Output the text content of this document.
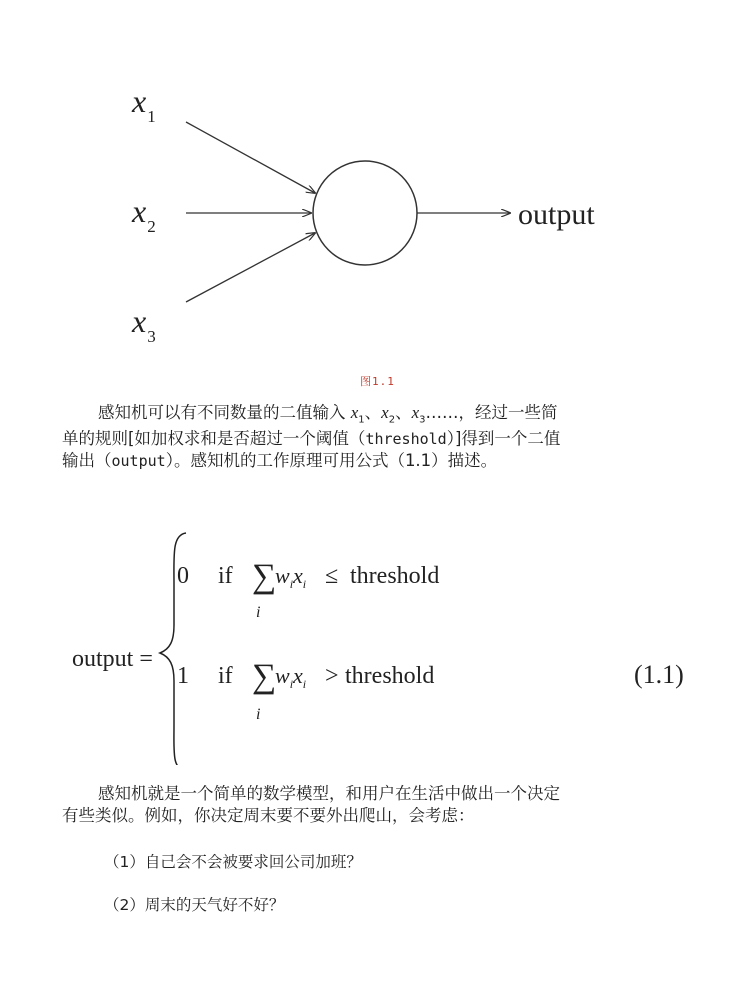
$x_1$
$x_2$
$x_3$
output
图1.1

感知机可以有不同数量的二值输入 $x_1$、$x_2$、$x_3\dots\dots$，经过一些简

单的规则[如加权求和是否超过一个阈值（threshold）]得到一个二值

输出（output）。感知机的工作原理可用公式（1.1）描述。

output =
0 if ∑
$w_ix_i$
i
≤ threshold
1 if ∑
$w_ix_i$
i
> threshold	(1.1)

感知机就是一个简单的数学模型，和用户在生活中做出一个决定

有些类似。例如，你决定周末要不要外出爬山，会考虑：

（1）自己会不会被要求回公司加班？
（2）周末的天气好不好？
